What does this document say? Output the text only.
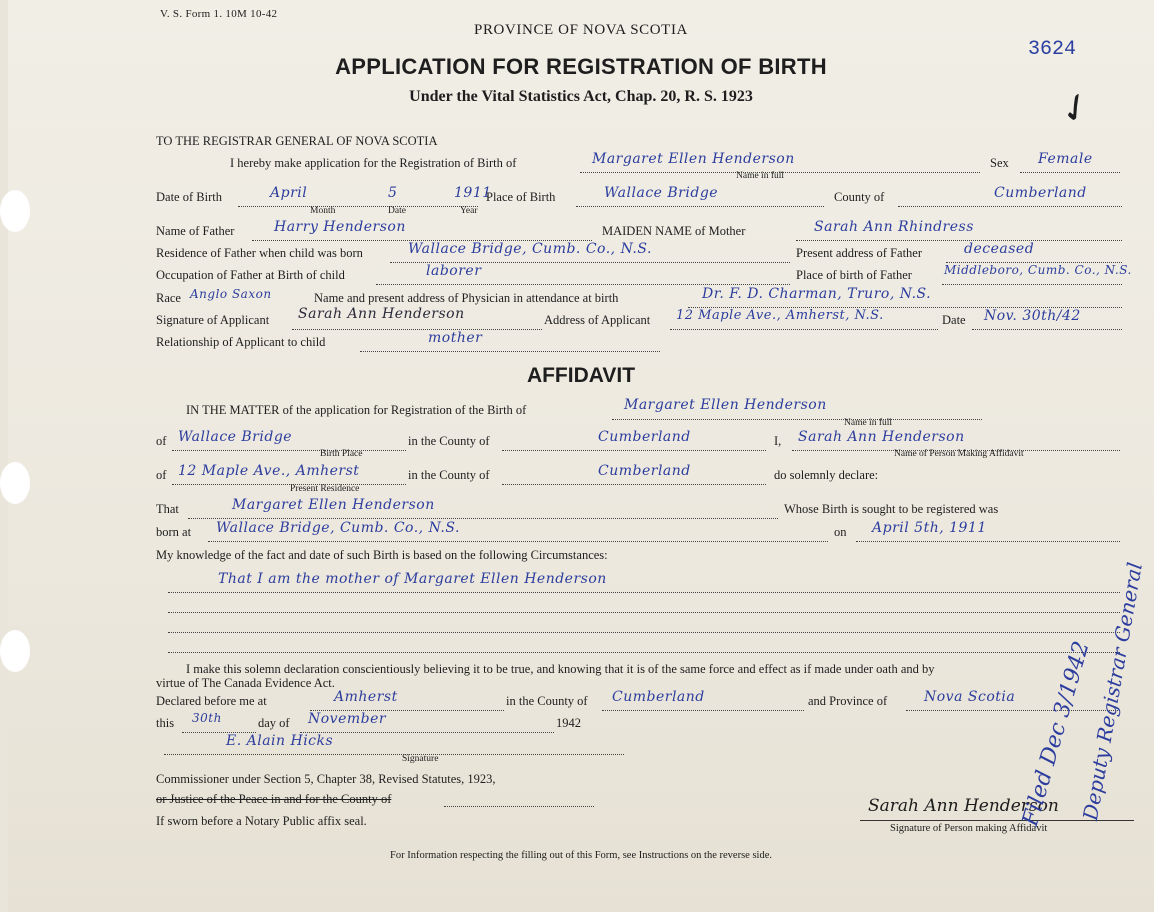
V. S. Form 1. 10M 10-42
3624
✓
PROVINCE OF NOVA SCOTIA
APPLICATION FOR REGISTRATION OF BIRTH
Under the Vital Statistics Act, Chap. 20, R. S. 1923
TO THE REGISTRAR GENERAL OF NOVA SCOTIA
I hereby make application for the Registration of Birth of	Margaret Ellen Henderson
Name in full
Sex Female
Date of Birth	April	5	1911
Month	Date	Year
Place of Birth	Wallace Bridge	County of	Cumberland
Name of Father	Harry Henderson	MAIDEN NAME of Mother	Sarah Ann Rhindress
Residence of Father when child was born	Wallace Bridge, Cumb. Co., N.S.	Present address of Father	deceased
Occupation of Father at Birth of child	laborer	Place of birth of Father	Middleboro, Cumb. Co., N.S.
Race Anglo Saxon	Name and present address of Physician in attendance at birth	Dr. F. D. Charman, Truro, N.S.
Signature of Applicant Sarah Ann Henderson	Address of Applicant 12 Maple Ave., Amherst, N.S.	Date Nov. 30th/42
Relationship of Applicant to child	mother
AFFIDAVIT
IN THE MATTER of the application for Registration of the Birth of	Margaret Ellen Henderson
Name in full
of Wallace Bridge
Birth Place
in the County of	Cumberland	I, Sarah Ann Henderson
Name of Person Making Affidavit
of 12 Maple Ave., Amherst
Present Residence
in the County of	Cumberland	do solemnly declare:
That	Margaret Ellen Henderson	Whose Birth is sought to be registered was
born at Wallace Bridge, Cumb. Co., N.S.	on April 5th, 1911
My knowledge of the fact and date of such Birth is based on the following Circumstances:
That I am the mother of Margaret Ellen Henderson
I make this solemn declaration conscientiously believing it to be true, and knowing that it is of the same force and effect as if made under oath and by
virtue of The Canada Evidence Act.
Declared before me at	Amherst	in the County of Cumberland	and Province of	Nova Scotia
this 30th	day of November	1942
E. Alain Hicks
Signature
Commissioner under Section 5, Chapter 38, Revised Statutes, 1923,
or Justice of the Peace in and for the County of
If sworn before a Notary Public affix seal.
Sarah Ann Henderson
Signature of Person making Affidavit
Filed Dec 3/1942
Deputy Registrar General
For Information respecting the filling out of this Form, see Instructions on the reverse side.
